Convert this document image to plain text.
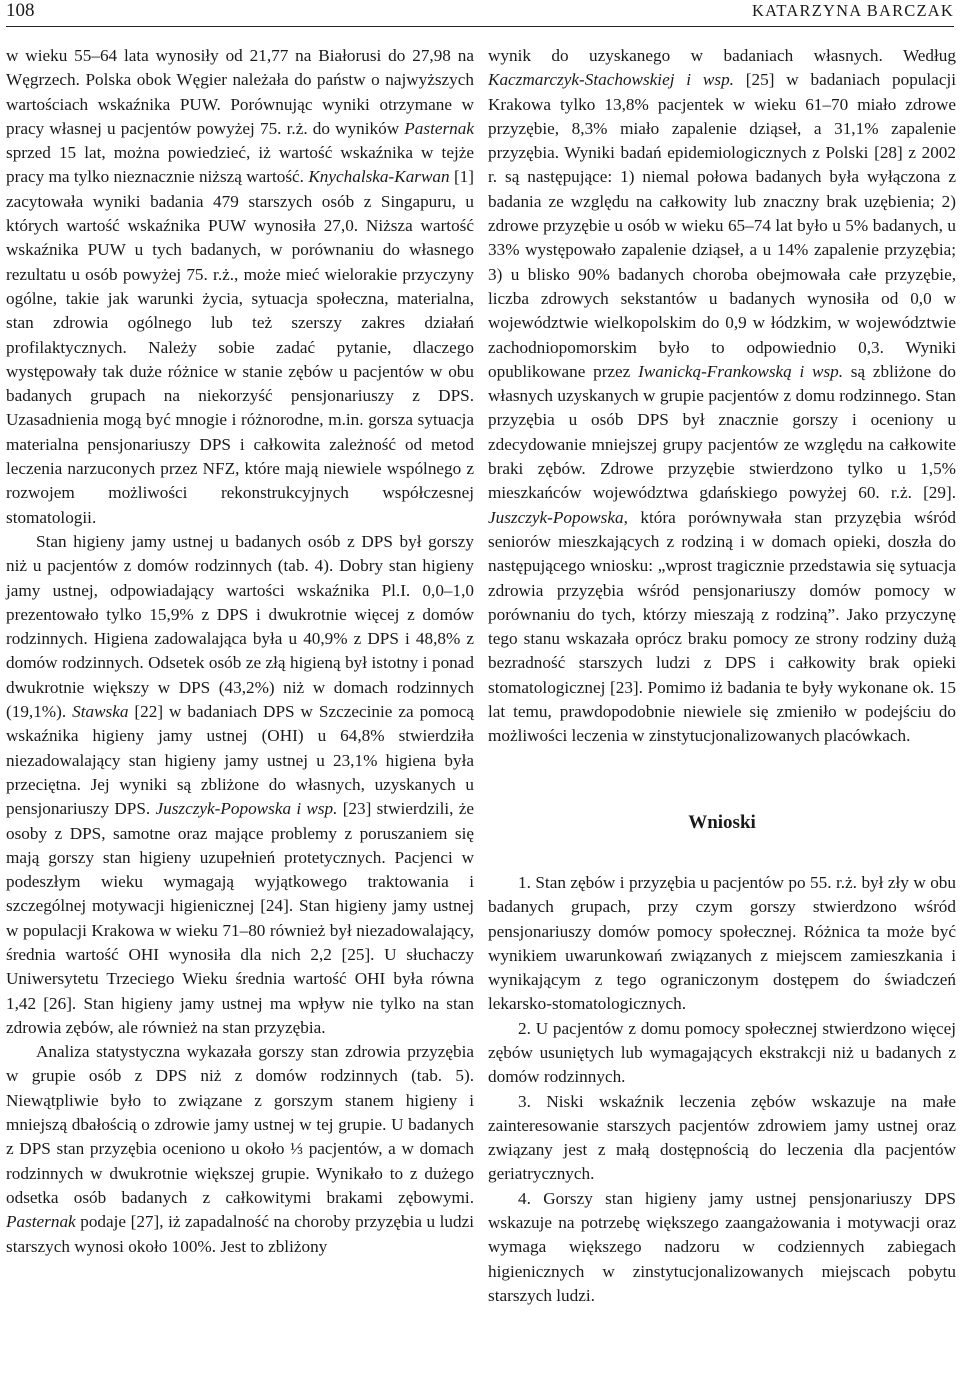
108	KATARZYNA BARCZAK

w wieku 55–64 lata wynosiły od 21,77 na Białorusi do 27,98 na Węgrzech. Polska obok Węgier należała do państw o najwyższych wartościach wskaźnika PUW. Porównując wyniki otrzymane w pracy własnej u pacjentów powyżej 75. r.ż. do wyników Pasternak sprzed 15 lat, można powiedzieć, iż wartość wskaźnika w tejże pracy ma tylko nieznacznie niższą wartość. Knychalska-Karwan [1] zacytowała wyniki badania 479 starszych osób z Singapuru, u których wartość wskaźnika PUW wynosiła 27,0. Niższa wartość wskaźnika PUW u tych badanych, w porównaniu do własnego rezultatu u osób powyżej 75. r.ż., może mieć wielorakie przyczyny ogólne, takie jak warunki życia, sytuacja społeczna, materialna, stan zdrowia ogólnego lub też szerszy zakres działań profilaktycznych. Należy sobie zadać pytanie, dlaczego występowały tak duże różnice w stanie zębów u pacjentów w obu badanych grupach na niekorzyść pensjonariuszy z DPS. Uzasadnienia mogą być mnogie i różnorodne, m.in. gorsza sytuacja materialna pensjonariuszy DPS i całkowita zależność od metod leczenia narzuconych przez NFZ, które mają niewiele wspólnego z rozwojem możliwości rekonstrukcyjnych współczesnej stomatologii.

Stan higieny jamy ustnej u badanych osób z DPS był gorszy niż u pacjentów z domów rodzinnych (tab. 4). Dobry stan higieny jamy ustnej, odpowiadający wartości wskaźnika Pl.I. 0,0–1,0 prezentowało tylko 15,9% z DPS i dwukrotnie więcej z domów rodzinnych. Higiena zadowalająca była u 40,9% z DPS i 48,8% z domów rodzinnych. Odsetek osób ze złą higieną był istotny i ponad dwukrotnie większy w DPS (43,2%) niż w domach rodzinnych (19,1%). Stawska [22] w badaniach DPS w Szczecinie za pomocą wskaźnika higieny jamy ustnej (OHI) u 64,8% stwierdziła niezadowalający stan higieny jamy ustnej u 23,1% higiena była przeciętna. Jej wyniki są zbliżone do własnych, uzyskanych u pensjonariuszy DPS. Juszczyk-Popowska i wsp. [23] stwierdzili, że osoby z DPS, samotne oraz mające problemy z poruszaniem się mają gorszy stan higieny uzupełnień protetycznych. Pacjenci w podeszłym wieku wymagają wyjątkowego traktowania i szczególnej motywacji higienicznej [24]. Stan higieny jamy ustnej w populacji Krakowa w wieku 71–80 również był niezadowalający, średnia wartość OHI wynosiła dla nich 2,2 [25]. U słuchaczy Uniwersytetu Trzeciego Wieku średnia wartość OHI była równa 1,42 [26]. Stan higieny jamy ustnej ma wpływ nie tylko na stan zdrowia zębów, ale również na stan przyzębia.

Analiza statystyczna wykazała gorszy stan zdrowia przyzębia w grupie osób z DPS niż z domów rodzinnych (tab. 5). Niewątpliwie było to związane z gorszym stanem higieny i mniejszą dbałością o zdrowie jamy ustnej w tej grupie. U badanych z DPS stan przyzębia oceniono u około ⅓ pacjentów, a w domach rodzinnych w dwukrotnie większej grupie. Wynikało to z dużego odsetka osób badanych z całkowitymi brakami zębowymi. Pasternak podaje [27], iż zapadalność na choroby przyzębia u ludzi starszych wynosi około 100%. Jest to zbliżony

wynik do uzyskanego w badaniach własnych. Według Kaczmarczyk-Stachowskiej i wsp. [25] w badaniach populacji Krakowa tylko 13,8% pacjentek w wieku 61–70 miało zdrowe przyzębie, 8,3% miało zapalenie dziąseł, a 31,1% zapalenie przyzębia. Wyniki badań epidemiologicznych z Polski [28] z 2002 r. są następujące: 1) niemal połowa badanych była wyłączona z badania ze względu na całkowity lub znaczny brak uzębienia; 2) zdrowe przyzębie u osób w wieku 65–74 lat było u 5% badanych, u 33% występowało zapalenie dziąseł, a u 14% zapalenie przyzębia; 3) u blisko 90% badanych choroba obejmowała całe przyzębie, liczba zdrowych sekstantów u badanych wynosiła od 0,0 w województwie wielkopolskim do 0,9 w łódzkim, w województwie zachodniopomorskim było to odpowiednio 0,3. Wyniki opublikowane przez Iwanicką-Frankowską i wsp. są zbliżone do własnych uzyskanych w grupie pacjentów z domu rodzinnego. Stan przyzębia u osób DPS był znacznie gorszy i oceniony u zdecydowanie mniejszej grupy pacjentów ze względu na całkowite braki zębów. Zdrowe przyzębie stwierdzono tylko u 1,5% mieszkańców województwa gdańskiego powyżej 60. r.ż. [29]. Juszczyk-Popowska, która porównywała stan przyzębia wśród seniorów mieszkających z rodziną i w domach opieki, doszła do następującego wniosku: „wprost tragicznie przedstawia się sytuacja zdrowia przyzębia wśród pensjonariuszy domów pomocy w porównaniu do tych, którzy mieszają z rodziną”. Jako przyczynę tego stanu wskazała oprócz braku pomocy ze strony rodziny dużą bezradność starszych ludzi z DPS i całkowity brak opieki stomatologicznej [23]. Pomimo iż badania te były wykonane ok. 15 lat temu, prawdopodobnie niewiele się zmieniło w podejściu do możliwości leczenia w zinstytucjonalizowanych placówkach.

Wnioski

1. Stan zębów i przyzębia u pacjentów po 55. r.ż. był zły w obu badanych grupach, przy czym gorszy stwierdzono wśród pensjonariuszy domów pomocy społecznej. Różnica ta może być wynikiem uwarunkowań związanych z miejscem zamieszkania i wynikającym z tego ograniczonym dostępem do świadczeń lekarsko-stomatologicznych.

2. U pacjentów z domu pomocy społecznej stwierdzono więcej zębów usuniętych lub wymagających ekstrakcji niż u badanych z domów rodzinnych.

3. Niski wskaźnik leczenia zębów wskazuje na małe zainteresowanie starszych pacjentów zdrowiem jamy ustnej oraz związany jest z małą dostępnością do leczenia dla pacjentów geriatrycznych.

4. Gorszy stan higieny jamy ustnej pensjonariuszy DPS wskazuje na potrzebę większego zaangażowania i motywacji oraz wymaga większego nadzoru w codziennych zabiegach higienicznych w zinstytucjonalizowanych miejscach pobytu starszych ludzi.
